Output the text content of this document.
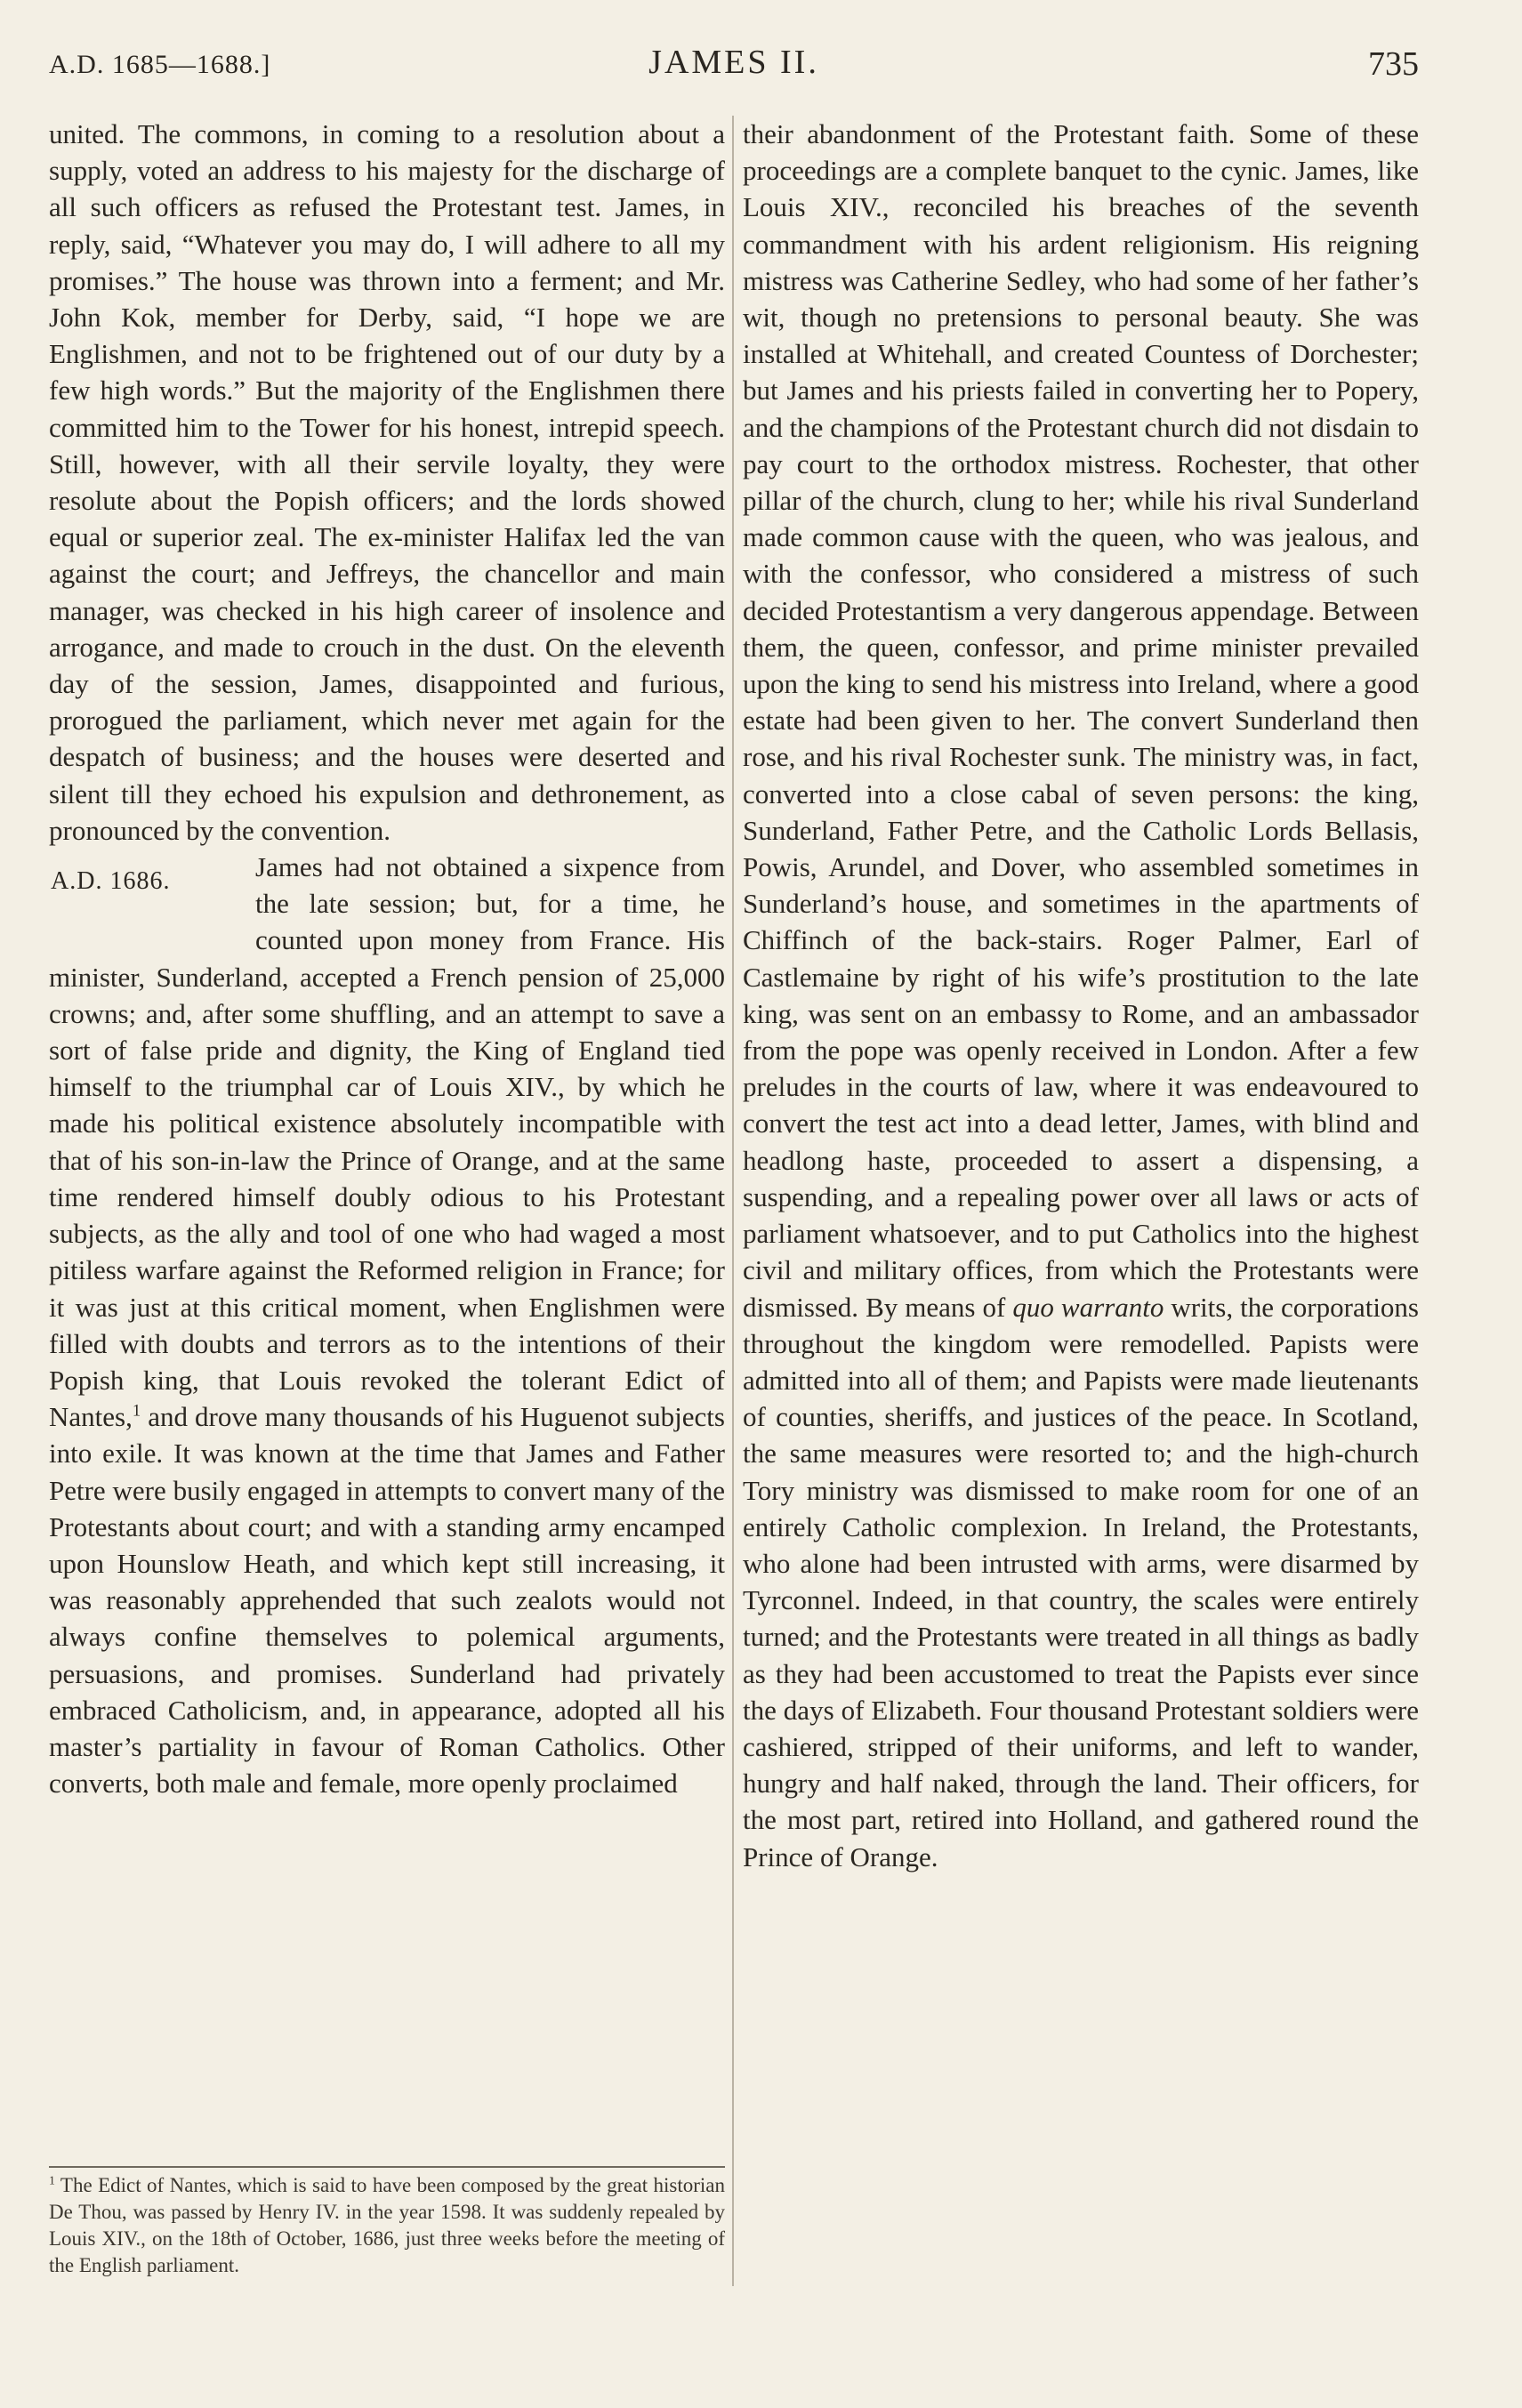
A.D. 1685—1688.]	JAMES II.	735

united. The commons, in coming to a resolution about a supply, voted an address to his majesty for the discharge of all such officers as refused the Protestant test. James, in reply, said, “Whatever you may do, I will adhere to all my promises.” The house was thrown into a ferment; and Mr. John Kok, member for Derby, said, “I hope we are Englishmen, and not to be frightened out of our duty by a few high words.” But the majority of the Englishmen there committed him to the Tower for his honest, intrepid speech. Still, however, with all their servile loyalty, they were resolute about the Popish officers; and the lords showed equal or superior zeal. The ex-minister Halifax led the van against the court; and Jeffreys, the chancellor and main manager, was checked in his high career of insolence and arrogance, and made to crouch in the dust. On the eleventh day of the session, James, disappointed and furious, prorogued the parliament, which never met again for the despatch of business; and the houses were deserted and silent till they echoed his expulsion and dethronement, as pronounced by the convention.

A.D. 1686.	James had not obtained a sixpence from the late session; but, for a time, he counted upon money from France. His minister, Sunderland, accepted a French pension of 25,000 crowns; and, after some shuffling, and an attempt to save a sort of false pride and dignity, the King of England tied himself to the triumphal car of Louis XIV., by which he made his political existence absolutely incompatible with that of his son-in-law the Prince of Orange, and at the same time rendered himself doubly odious to his Protestant subjects, as the ally and tool of one who had waged a most pitiless warfare against the Reformed religion in France; for it was just at this critical moment, when Englishmen were filled with doubts and terrors as to the intentions of their Popish king, that Louis revoked the tolerant Edict of Nantes,$^1$ and drove many thousands of his Huguenot subjects into exile. It was known at the time that James and Father Petre were busily engaged in attempts to convert many of the Protestants about court; and with a standing army encamped upon Hounslow Heath, and which kept still increasing, it was reasonably apprehended that such zealots would not always confine themselves to polemical arguments, persuasions, and promises. Sunderland had privately embraced Catholicism, and, in appearance, adopted all his master’s partiality in favour of Roman Catholics. Other converts, both male and female, more openly proclaimed

their abandonment of the Protestant faith. Some of these proceedings are a complete banquet to the cynic. James, like Louis XIV., reconciled his breaches of the seventh commandment with his ardent religionism. His reigning mistress was Catherine Sedley, who had some of her father’s wit, though no pretensions to personal beauty. She was installed at Whitehall, and created Countess of Dorchester; but James and his priests failed in converting her to Popery, and the champions of the Protestant church did not disdain to pay court to the orthodox mistress. Rochester, that other pillar of the church, clung to her; while his rival Sunderland made common cause with the queen, who was jealous, and with the confessor, who considered a mistress of such decided Protestantism a very dangerous appendage. Between them, the queen, confessor, and prime minister prevailed upon the king to send his mistress into Ireland, where a good estate had been given to her. The convert Sunderland then rose, and his rival Rochester sunk. The ministry was, in fact, converted into a close cabal of seven persons: the king, Sunderland, Father Petre, and the Catholic Lords Bellasis, Powis, Arundel, and Dover, who assembled sometimes in Sunderland’s house, and sometimes in the apartments of Chiffinch of the back-stairs. Roger Palmer, Earl of Castlemaine by right of his wife’s prostitution to the late king, was sent on an embassy to Rome, and an ambassador from the pope was openly received in London. After a few preludes in the courts of law, where it was endeavoured to convert the test act into a dead letter, James, with blind and headlong haste, proceeded to assert a dispensing, a suspending, and a repealing power over all laws or acts of parliament whatsoever, and to put Catholics into the highest civil and military offices, from which the Protestants were dismissed. By means of quo warranto writs, the corporations throughout the kingdom were remodelled. Papists were admitted into all of them; and Papists were made lieutenants of counties, sheriffs, and justices of the peace. In Scotland, the same measures were resorted to; and the high-church Tory ministry was dismissed to make room for one of an entirely Catholic complexion. In Ireland, the Protestants, who alone had been intrusted with arms, were disarmed by Tyrconnel. Indeed, in that country, the scales were entirely turned; and the Protestants were treated in all things as badly as they had been accustomed to treat the Papists ever since the days of Elizabeth. Four thousand Protestant soldiers were cashiered, stripped of their uniforms, and left to wander, hungry and half naked, through the land. Their officers, for the most part, retired into Holland, and gathered round the Prince of Orange.

$^1$ The Edict of Nantes, which is said to have been composed by the great historian De Thou, was passed by Henry IV. in the year 1598. It was suddenly repealed by Louis XIV., on the 18th of October, 1686, just three weeks before the meeting of the English parliament.
